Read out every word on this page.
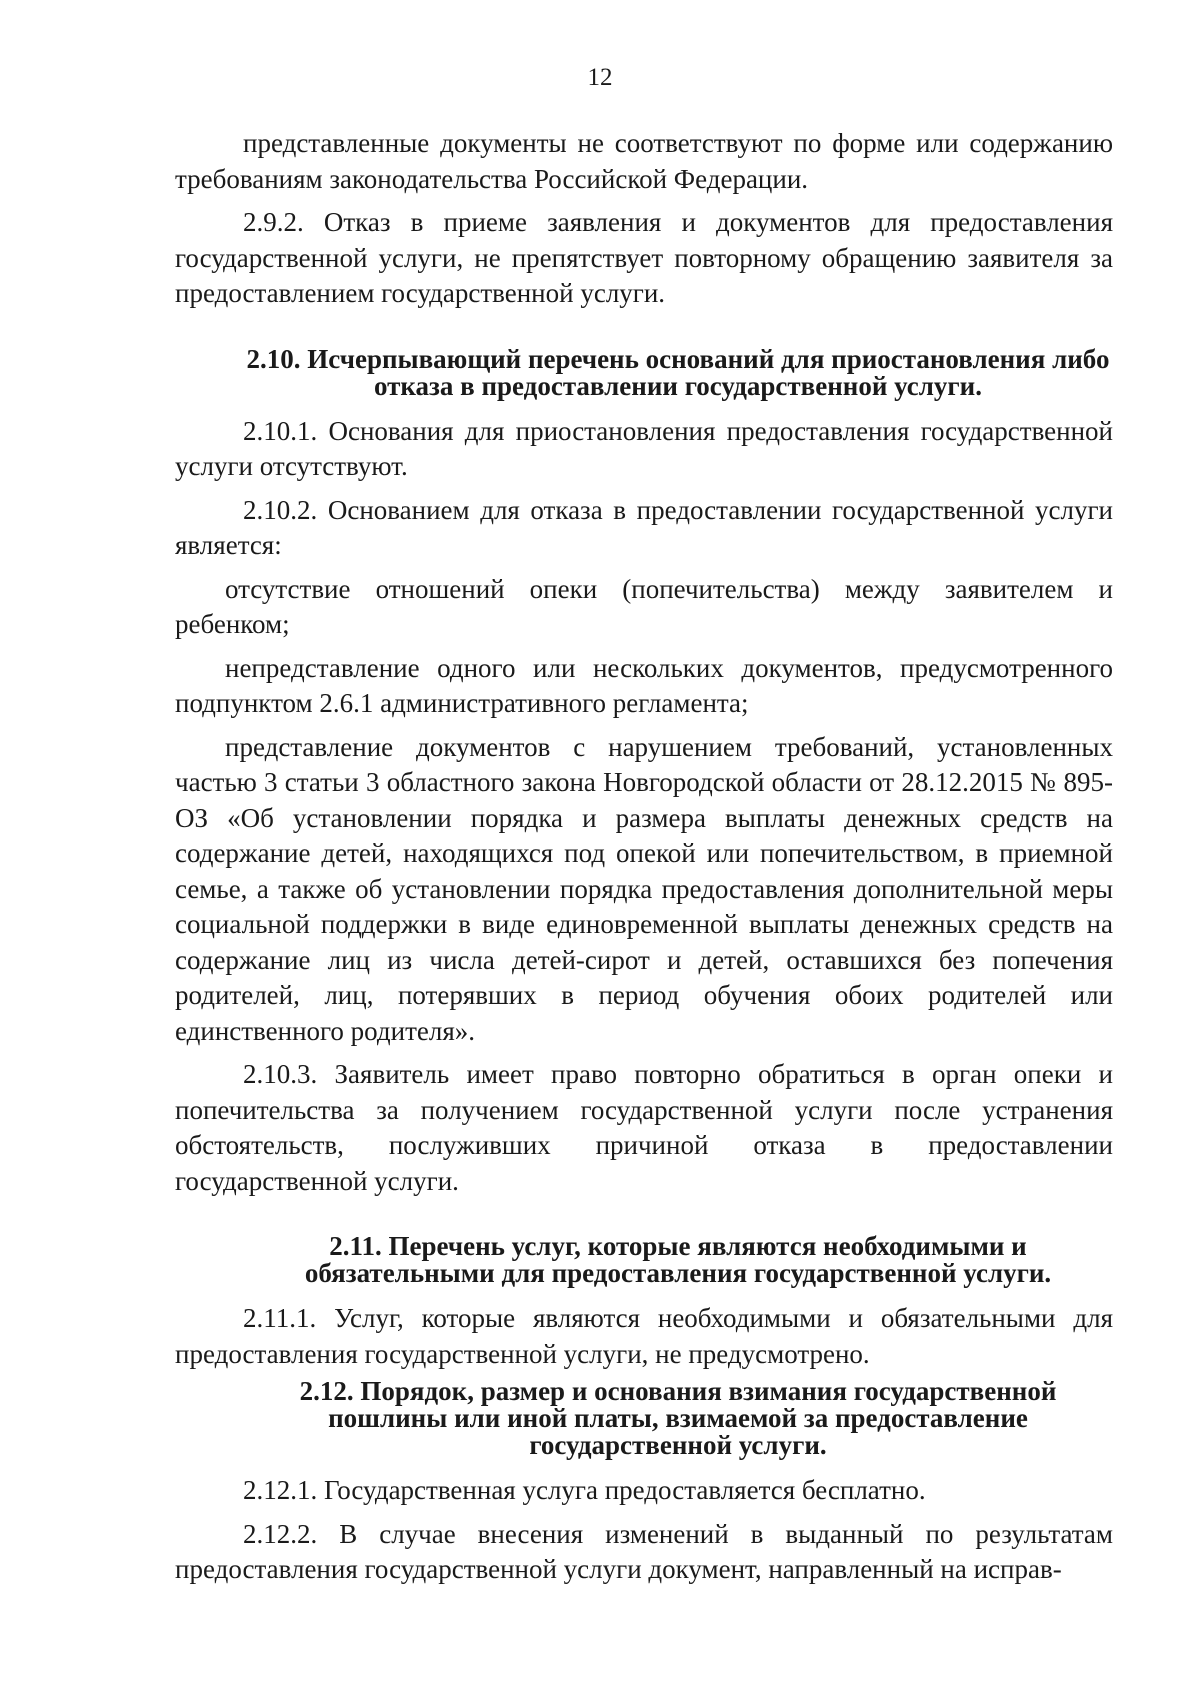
12

представленные документы не соответствуют по форме или содержанию требованиям законодательства Российской Федерации.

2.9.2. Отказ в приеме заявления и документов для предоставления государственной услуги, не препятствует повторному обращению заявителя за предоставлением государственной услуги.

2.10. Исчерпывающий перечень оснований для приостановления либо отказа в предоставлении государственной услуги.

2.10.1. Основания для приостановления предоставления государственной услуги отсутствуют.

2.10.2. Основанием для отказа в предоставлении государственной услуги является:

отсутствие отношений опеки (попечительства) между заявителем и ребенком;

непредставление одного или нескольких документов, предусмотренного подпунктом 2.6.1 административного регламента;

представление документов с нарушением требований, установленных частью 3 статьи 3 областного закона Новгородской области от 28.12.2015 № 895-ОЗ «Об установлении порядка и размера выплаты денежных средств на содержание детей, находящихся под опекой или попечительством, в приемной семье, а также об установлении порядка предоставления дополнительной меры социальной поддержки в виде единовременной выплаты денежных средств на содержание лиц из числа детей-сирот и детей, оставшихся без попечения родителей, лиц, потерявших в период обучения обоих родителей или единственного родителя».

2.10.3. Заявитель имеет право повторно обратиться в орган опеки и попечительства за получением государственной услуги после устранения обстоятельств, послуживших причиной отказа в предоставлении государственной услуги.

2.11. Перечень услуг, которые являются необходимыми и обязательными для предоставления государственной услуги.

2.11.1. Услуг, которые являются необходимыми и обязательными для предоставления государственной услуги, не предусмотрено.

2.12. Порядок, размер и основания взимания государственной пошлины или иной платы, взимаемой за предоставление государственной услуги.

2.12.1. Государственная услуга предоставляется бесплатно.

2.12.2. В случае внесения изменений в выданный по результатам предоставления государственной услуги документ, направленный на исправ-
